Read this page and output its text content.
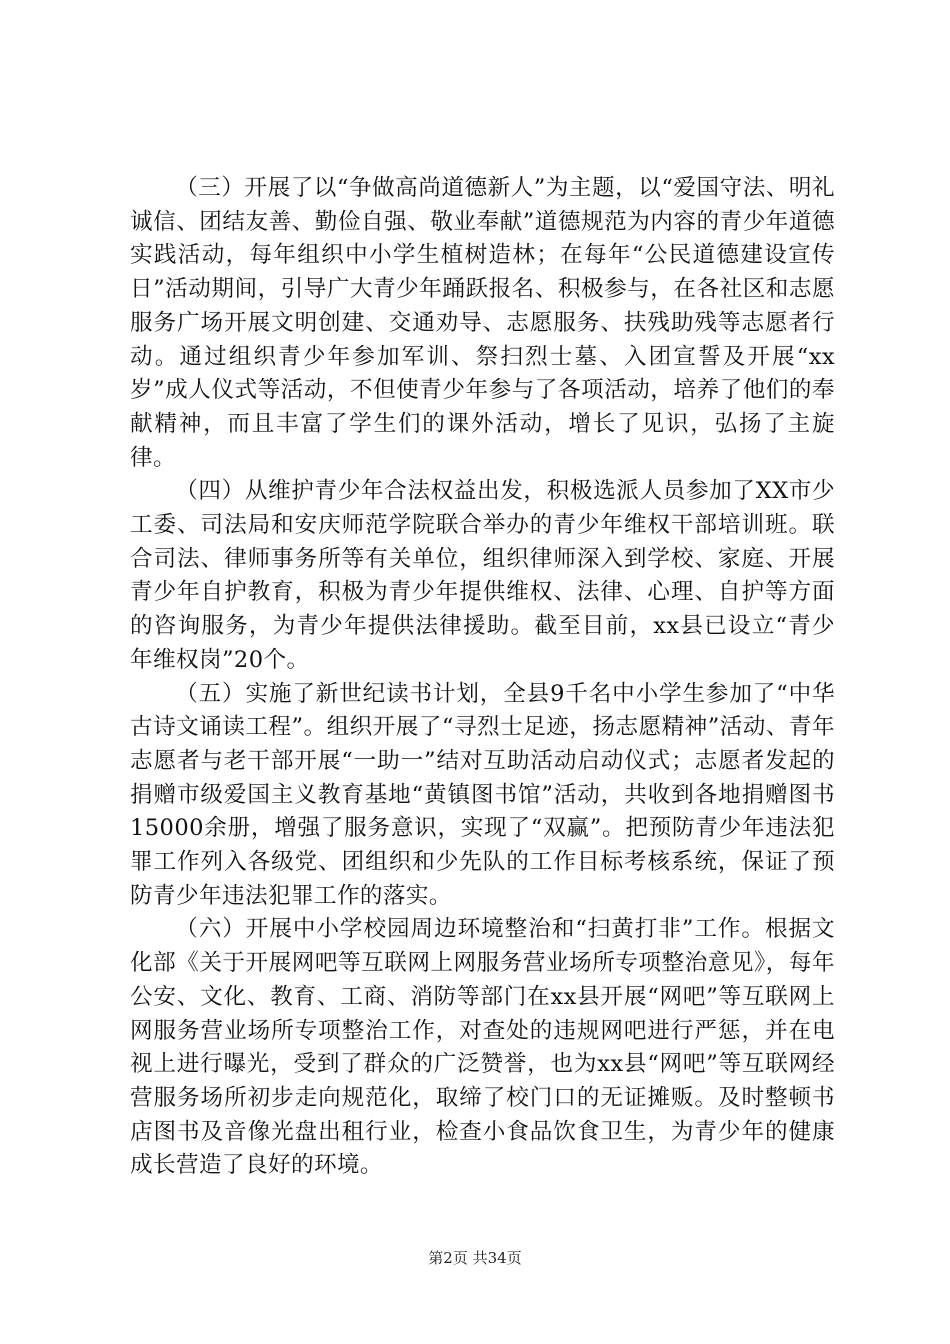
（三）开展了以“争做高尚道德新人”为主题，以“爱国守法、明礼诚信、团结友善、勤俭自强、敬业奉献”道德规范为内容的青少年道德实践活动，每年组织中小学生植树造林；在每年“公民道德建设宣传日”活动期间，引导广大青少年踊跃报名、积极参与，在各社区和志愿服务广场开展文明创建、交通劝导、志愿服务、扶残助残等志愿者行动。通过组织青少年参加军训、祭扫烈士墓、入团宣誓及开展“xx岁”成人仪式等活动，不但使青少年参与了各项活动，培养了他们的奉献精神，而且丰富了学生们的课外活动，增长了见识，弘扬了主旋律。

（四）从维护青少年合法权益出发，积极选派人员参加了XX市少工委、司法局和安庆师范学院联合举办的青少年维权干部培训班。联合司法、律师事务所等有关单位，组织律师深入到学校、家庭、开展青少年自护教育，积极为青少年提供维权、法律、心理、自护等方面的咨询服务，为青少年提供法律援助。截至目前，xx县已设立“青少年维权岗”20个。

（五）实施了新世纪读书计划，全县9千名中小学生参加了“中华古诗文诵读工程”。组织开展了“寻烈士足迹，扬志愿精神”活动、青年志愿者与老干部开展“一助一”结对互助活动启动仪式；志愿者发起的捐赠市级爱国主义教育基地“黄镇图书馆”活动，共收到各地捐赠图书15000余册，增强了服务意识，实现了“双赢”。把预防青少年违法犯罪工作列入各级党、团组织和少先队的工作目标考核系统，保证了预防青少年违法犯罪工作的落实。

（六）开展中小学校园周边环境整治和“扫黄打非”工作。根据文化部《关于开展网吧等互联网上网服务营业场所专项整治意见》，每年公安、文化、教育、工商、消防等部门在xx县开展“网吧”等互联网上网服务营业场所专项整治工作，对查处的违规网吧进行严惩，并在电视上进行曝光，受到了群众的广泛赞誉，也为xx县“网吧”等互联网经营服务场所初步走向规范化，取缔了校门口的无证摊贩。及时整顿书店图书及音像光盘出租行业，检查小食品饮食卫生，为青少年的健康成长营造了良好的环境。

第2页 共34页
